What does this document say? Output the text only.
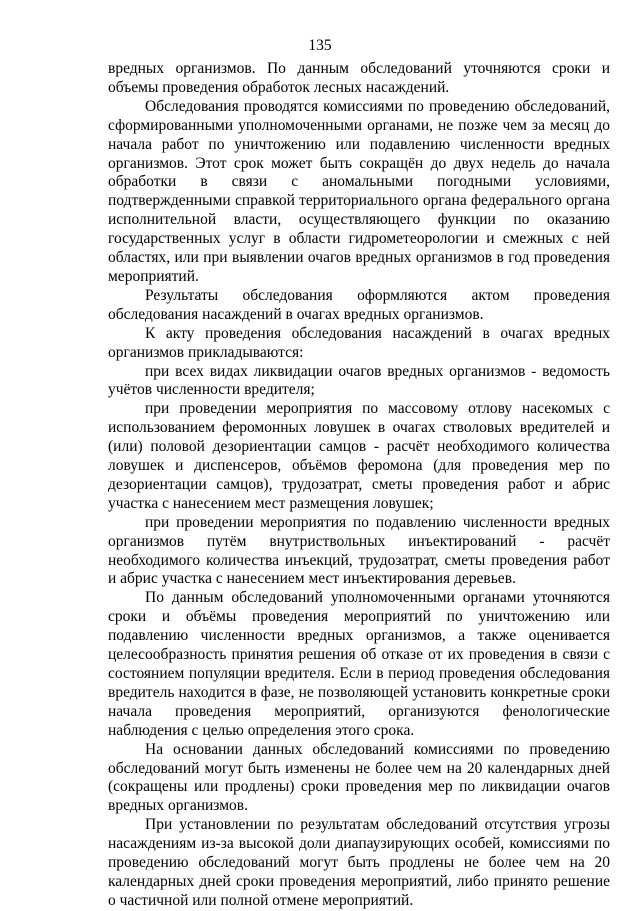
135

вредных организмов. По данным обследований уточняются сроки и объемы проведения обработок лесных насаждений.

Обследования проводятся комиссиями по проведению обследований, сформированными уполномоченными органами, не позже чем за месяц до начала работ по уничтожению или подавлению численности вредных организмов. Этот срок может быть сокращён до двух недель до начала обработки в связи с аномальными погодными условиями, подтвержденными справкой территориального органа федерального органа исполнительной власти, осуществляющего функции по оказанию государственных услуг в области гидрометеорологии и смежных с ней областях, или при выявлении очагов вредных организмов в год проведения мероприятий.

Результаты обследования оформляются актом проведения обследования насаждений в очагах вредных организмов.

К акту проведения обследования насаждений в очагах вредных организмов прикладываются:

при всех видах ликвидации очагов вредных организмов - ведомость учётов численности вредителя;

при проведении мероприятия по массовому отлову насекомых с использованием феромонных ловушек в очагах стволовых вредителей и (или) половой дезориентации самцов - расчёт необходимого количества ловушек и диспенсеров, объёмов феромона (для проведения мер по дезориентации самцов), трудозатрат, сметы проведения работ и абрис участка с нанесением мест размещения ловушек;

при проведении мероприятия по подавлению численности вредных организмов путём внутриствольных инъектирований - расчёт необходимого количества инъекций, трудозатрат, сметы проведения работ и абрис участка с нанесением мест инъектирования деревьев.

По данным обследований уполномоченными органами уточняются сроки и объёмы проведения мероприятий по уничтожению или подавлению численности вредных организмов, а также оценивается целесообразность принятия решения об отказе от их проведения в связи с состоянием популяции вредителя. Если в период проведения обследования вредитель находится в фазе, не позволяющей установить конкретные сроки начала проведения мероприятий, организуются фенологические наблюдения с целью определения этого срока.

На основании данных обследований комиссиями по проведению обследований могут быть изменены не более чем на 20 календарных дней (сокращены или продлены) сроки проведения мер по ликвидации очагов вредных организмов.

При установлении по результатам обследований отсутствия угрозы насаждениям из-за высокой доли диапаузирующих особей, комиссиями по проведению обследований могут быть продлены не более чем на 20 календарных дней сроки проведения мероприятий, либо принято решение о частичной или полной отмене мероприятий.
